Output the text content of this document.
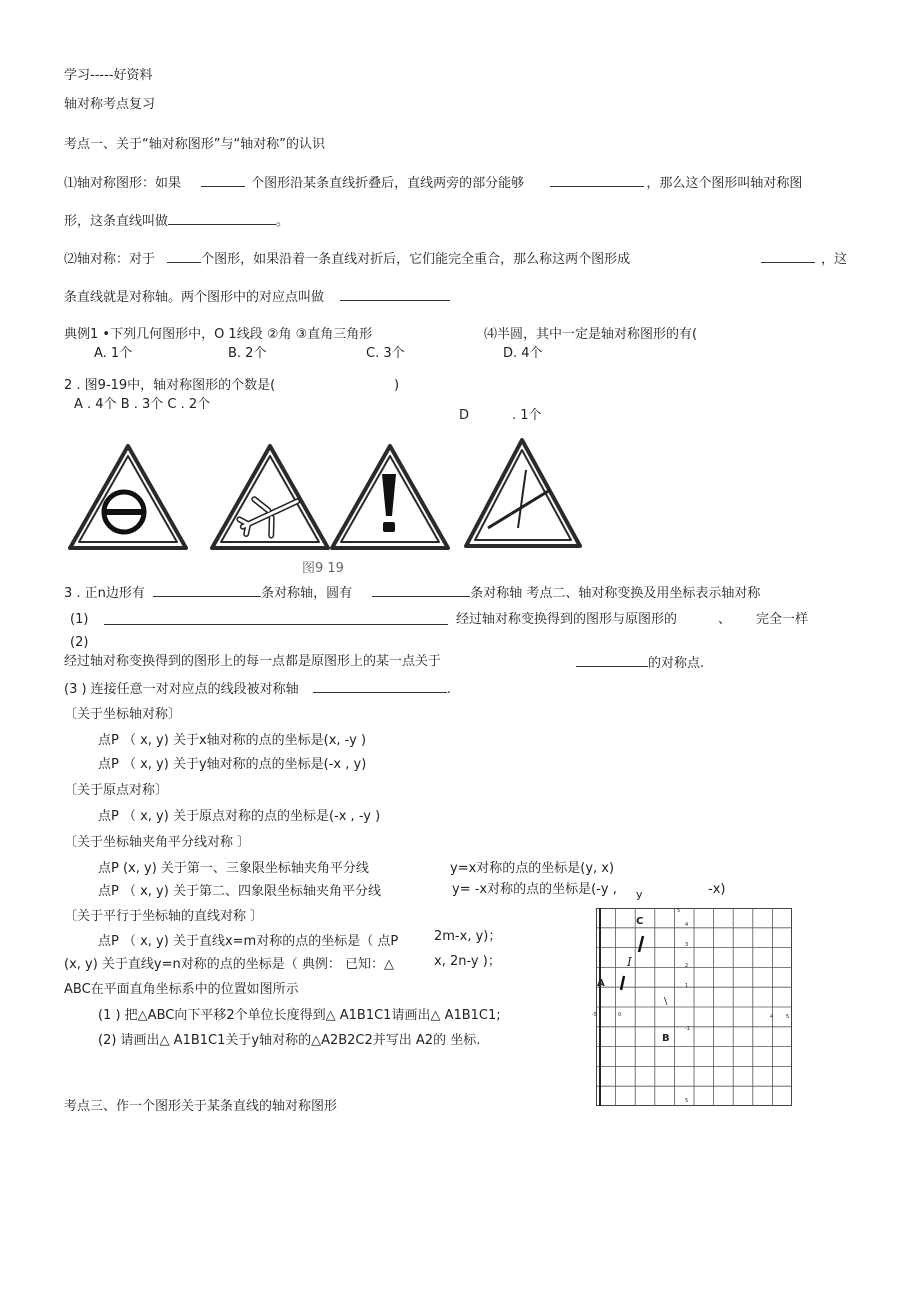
学习-----好资料
轴对称考点复习
考点一、关于“轴对称图形”与“轴对称”的认识
⑴轴对称图形：如果	个图形沿某条直线折叠后，直线两旁的部分能够	，那么这个图形叫轴对称图
形，这条直线叫做	。
⑵轴对称：对于	个图形，如果沿着一条直线对折后，它们能完全重合，那么称这两个图形成	，这
条直线就是对称轴。两个图形中的对应点叫做
典例1 •下列几何图形中，O 1线段 ②角 ③直角三角形	⑷半圆，其中一定是轴对称图形的有(
A. 1个	B. 2个	C. 3个	D. 4个
2 . 图9-19中，轴对称图形的个数是(	)
A . 4个 B . 3个 C . 2个
D	. 1个
图9 19
3 . 正n边形有	条对称轴，圆有	条对称轴 考点二、轴对称变换及用坐标表示轴对称
(1)	经过轴对称变换得到的图形与原图形的	、 完全一样
(2)
经过轴对称变换得到的图形上的每一点都是原图形上的某一点关于	的对称点.
(3 ) 连接任意一对对应点的线段被对称轴	.
〔关于坐标轴对称〕
点P （ x, y) 关于x轴对称的点的坐标是(x, -y )
点P （ x, y) 关于y轴对称的点的坐标是(-x , y)
〔关于原点对称〕
点P （ x, y) 关于原点对称的点的坐标是(-x , -y )
〔关于坐标轴夹角平分线对称 〕
点P (x, y) 关于第一、三象限坐标轴夹角平分线	y=x对称的点的坐标是(y, x)
点P （ x, y) 关于第二、四象限坐标轴夹角平分线	y= -x对称的点的坐标是(-y , y	-x)
〔关于平行于坐标轴的直线对称 〕
点P （ x, y) 关于直线x=m对称的点的坐标是（ 点P	2m-x, y)；
(x, y) 关于直线y=n对称的点的坐标是（ 典例： 已知：△	x, 2n-y )；
ABC在平面直角坐标系中的位置如图所示
(1 ) 把△ABC向下平移2个单位长度得到△ A1B1C1请画出△ A1B1C1;
(2) 请画出△ A1B1C1关于y轴对称的△A2B2C2并写出 A2的 坐标.
C
A
B
I
\
5
4
3
2
1
-5	0
-1
4	5
5
考点三、作一个图形关于某条直线的轴对称图形
